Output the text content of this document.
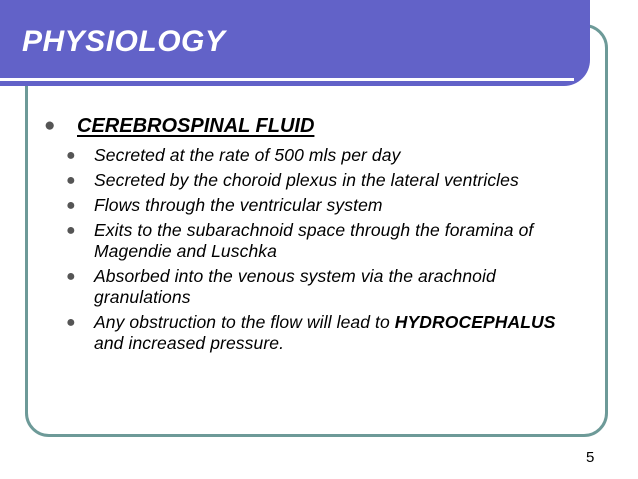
PHYSIOLOGY
●	CEREBROSPINAL FLUID
●	Secreted at the rate of 500 mls per day
●	Secreted by the choroid plexus in the lateral ventricles
●	Flows through the ventricular system
●	Exits to the subarachnoid space through the foramina of Magendie and Luschka
●	Absorbed into the venous system via the arachnoid granulations
●	Any obstruction to the flow will lead to HYDROCEPHALUS and increased pressure.
5
